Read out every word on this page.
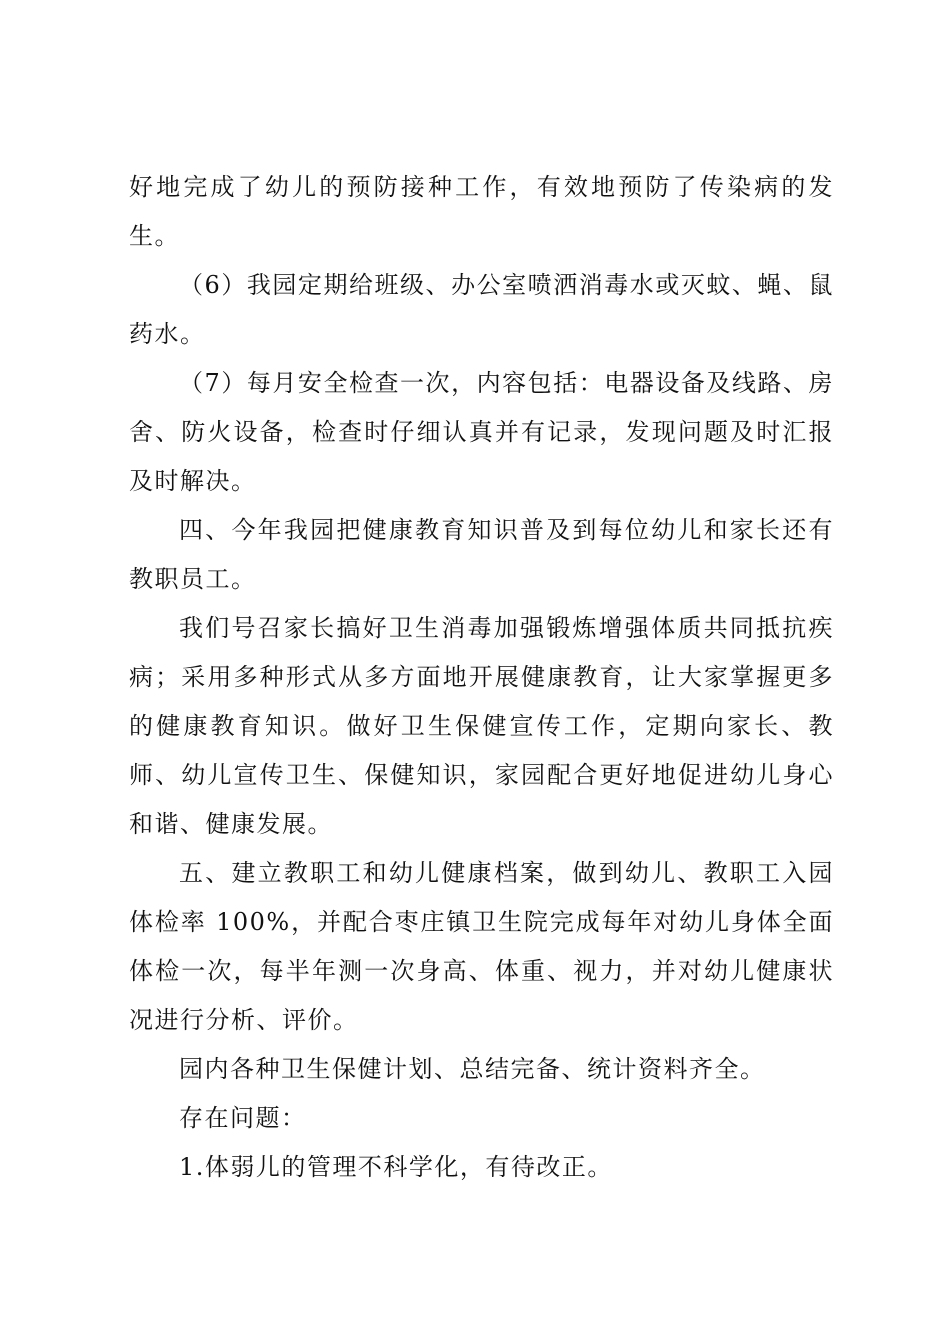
好地完成了幼儿的预防接种工作，有效地预防了传染病的发生。

（6）我园定期给班级、办公室喷洒消毒水或灭蚊、蝇、鼠药水。

（7）每月安全检查一次，内容包括：电器设备及线路、房舍、防火设备，检查时仔细认真并有记录，发现问题及时汇报及时解决。

四、今年我园把健康教育知识普及到每位幼儿和家长还有教职员工。

我们号召家长搞好卫生消毒加强锻炼增强体质共同抵抗疾病；采用多种形式从多方面地开展健康教育，让大家掌握更多的健康教育知识。做好卫生保健宣传工作，定期向家长、教师、幼儿宣传卫生、保健知识，家园配合更好地促进幼儿身心和谐、健康发展。

五、建立教职工和幼儿健康档案，做到幼儿、教职工入园体检率 100%，并配合枣庄镇卫生院完成每年对幼儿身体全面体检一次，每半年测一次身高、体重、视力，并对幼儿健康状况进行分析、评价。

园内各种卫生保健计划、总结完备、统计资料齐全。

存在问题：

1.体弱儿的管理不科学化，有待改正。
